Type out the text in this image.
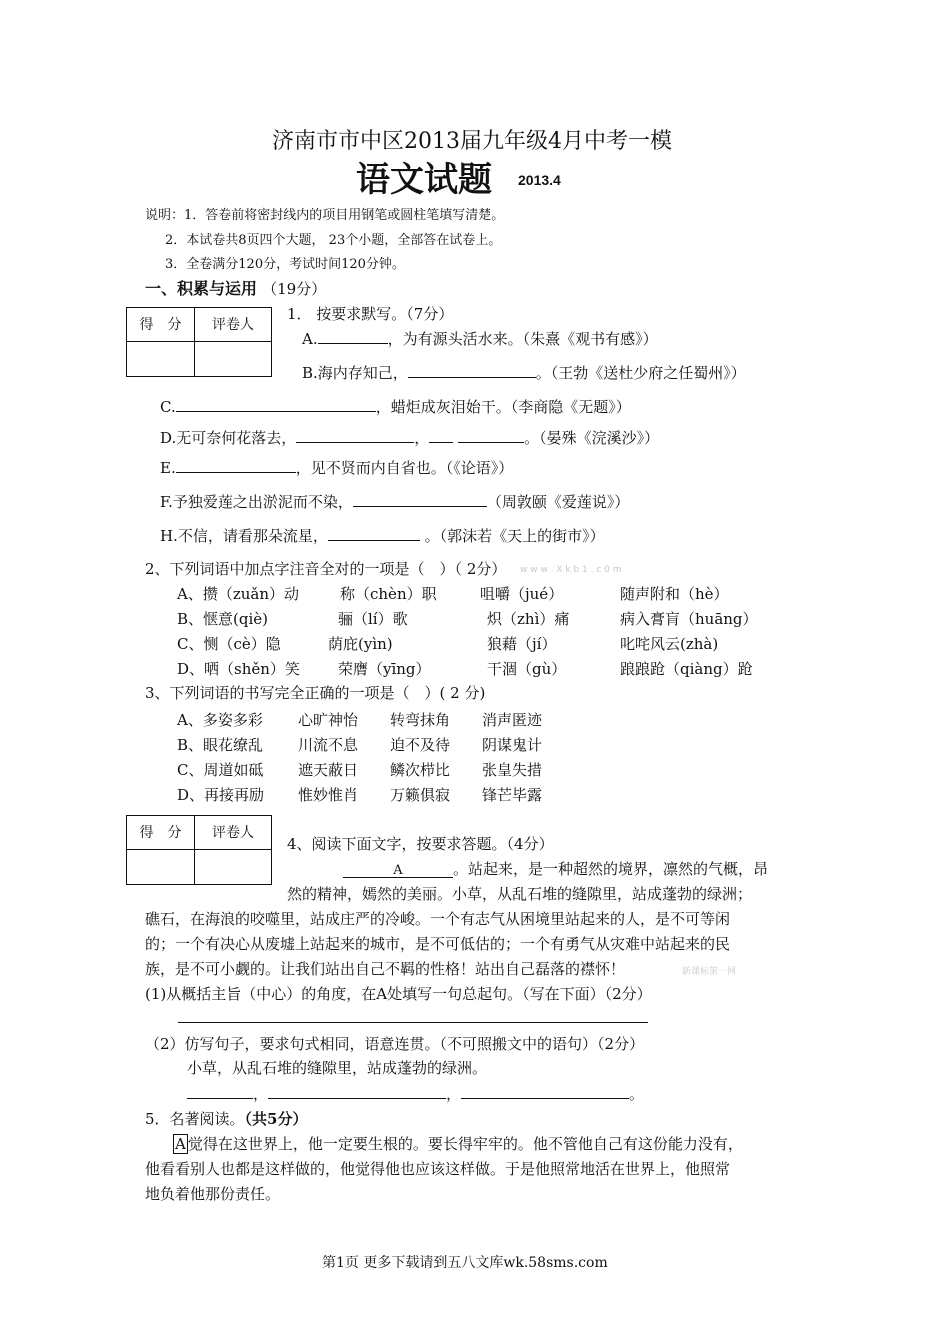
济南市市中区2013届九年级4月中考一模
语文试题 2013.4
说明：1．答卷前将密封线内的项目用钢笔或圆柱笔填写清楚。
2．本试卷共8页四个大题， 23个小题，全部答在试卷上。
3．全卷满分120分，考试时间120分钟。
一、积累与运用 （19分）
得　分	评卷人
1． 按要求默写。（7分）
A.	，为有源头活水来。（朱熹《观书有感》）
B.海内存知己，	。（王勃《送杜少府之任蜀州》）
C.	，蜡炬成灰泪始干。（李商隐《无题》）
D.无可奈何花落去，	，	。（晏殊《浣溪沙》）
E.	，见不贤而内自省也。（《论语》）
F.予独爱莲之出淤泥而不染，	（周敦颐《爱莲说》）
H.不信，请看那朵流星，	。（郭沫若《天上的街市》）
2、下列词语中加点字注音全对的一项是（　）（ 2分） w w w . X k b 1 . c 0 m
A、攒（zuǎn）动	称（chèn）职	咀嚼（jué）	随声附和（hè）
B、惬意(qiè)	骊（lí）歌	炽（zhì）痛	病入膏肓（huāng）
C、恻（cè）隐	荫庇(yìn)	狼藉（jí）	叱咤风云(zhà)
D、哂（shěn）笑	荣膺（yīng）	干涸（gù）	踉踉跄（qiàng）跄
3、下列词语的书写完全正确的一项是（　）( 2 分)
A、多姿多彩 心旷神怡 转弯抹角 消声匿迹
B、眼花缭乱 川流不息 迫不及待 阴谋鬼计
C、周道如砥 遮天蔽日 鳞次栉比 张皇失措
D、再接再励 惟妙惟肖 万籁俱寂 锋芒毕露
得　分	评卷人
4、阅读下面文字，按要求答题。（4分）
A	。站起来，是一种超然的境界，凛然的气概，昂
然的精神，嫣然的美丽。小草，从乱石堆的缝隙里，站成蓬勃的绿洲；
礁石，在海浪的咬噬里，站成庄严的冷峻。一个有志气从困境里站起来的人，是不可等闲
的；一个有决心从废墟上站起来的城市，是不可低估的；一个有勇气从灾难中站起来的民
族，是不可小觑的。让我们站出自己不羁的性格！站出自己磊落的襟怀！	新课标第一网
(1)从概括主旨（中心）的角度，在A处填写一句总起句。（写在下面）（2分）
（2）仿写句子，要求句式相同，语意连贯。（不可照搬文中的语句）（2分）
小草，从乱石堆的缝隙里，站成蓬勃的绿洲。
，	，	。
5．名著阅读。（共5分）
A 觉得在这世界上，他一定要生根的。要长得牢牢的。他不管他自己有这份能力没有，
他看看别人也都是这样做的，他觉得他也应该这样做。于是他照常地活在世界上，他照常
地负着他那份责任。
第1页 更多下载请到五八文库wk.58sms.com
